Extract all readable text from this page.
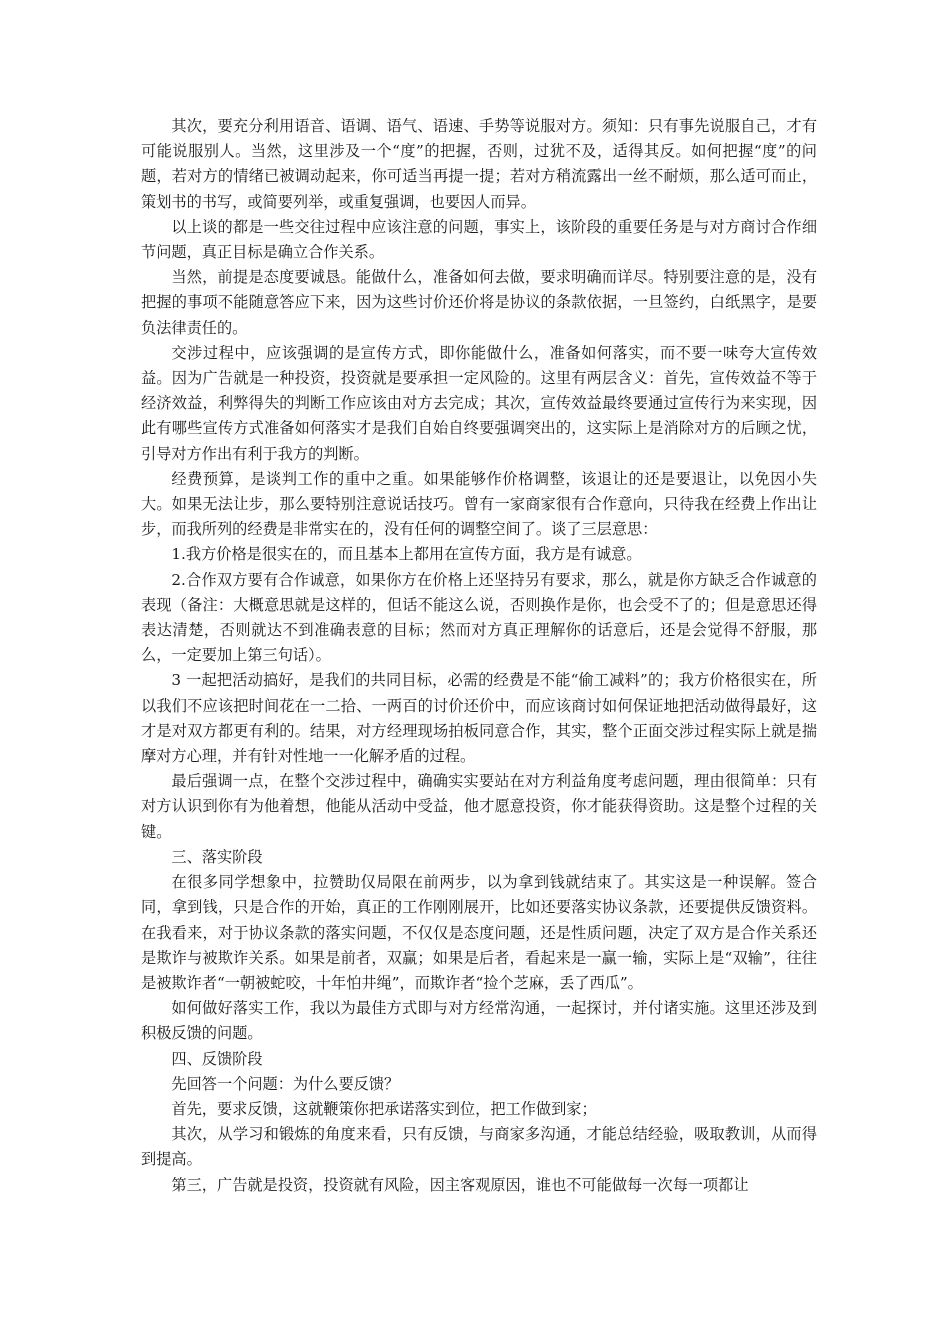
其次，要充分利用语音、语调、语气、语速、手势等说服对方。须知：只有事先说服自己，才有可能说服别人。当然，这里涉及一个“度”的把握，否则，过犹不及，适得其反。如何把握“度”的问题，若对方的情绪已被调动起来，你可适当再提一提；若对方稍流露出一丝不耐烦，那么适可而止，策划书的书写，或简要列举，或重复强调，也要因人而异。

以上谈的都是一些交往过程中应该注意的问题，事实上，该阶段的重要任务是与对方商讨合作细节问题，真正目标是确立合作关系。

当然，前提是态度要诚恳。能做什么，准备如何去做，要求明确而详尽。特别要注意的是，没有把握的事项不能随意答应下来，因为这些讨价还价将是协议的条款依据，一旦签约，白纸黑字，是要负法律责任的。

交涉过程中，应该强调的是宣传方式，即你能做什么，准备如何落实，而不要一味夸大宣传效益。因为广告就是一种投资，投资就是要承担一定风险的。这里有两层含义：首先，宣传效益不等于经济效益，利弊得失的判断工作应该由对方去完成；其次，宣传效益最终要通过宣传行为来实现，因此有哪些宣传方式准备如何落实才是我们自始自终要强调突出的，这实际上是消除对方的后顾之忧，引导对方作出有利于我方的判断。

经费预算，是谈判工作的重中之重。如果能够作价格调整，该退让的还是要退让，以免因小失大。如果无法让步，那么要特别注意说话技巧。曾有一家商家很有合作意向，只待我在经费上作出让步，而我所列的经费是非常实在的，没有任何的调整空间了。谈了三层意思：

1.我方价格是很实在的，而且基本上都用在宣传方面，我方是有诚意。

2.合作双方要有合作诚意，如果你方在价格上还坚持另有要求，那么，就是你方缺乏合作诚意的表现（备注：大概意思就是这样的，但话不能这么说，否则换作是你，也会受不了的；但是意思还得表达清楚，否则就达不到准确表意的目标；然而对方真正理解你的话意后，还是会觉得不舒服，那么，一定要加上第三句话）。

3 一起把活动搞好，是我们的共同目标，必需的经费是不能“偷工减料”的；我方价格很实在，所以我们不应该把时间花在一二拾、一两百的讨价还价中，而应该商讨如何保证地把活动做得最好，这才是对双方都更有利的。结果，对方经理现场拍板同意合作，其实，整个正面交涉过程实际上就是揣摩对方心理，并有针对性地一一化解矛盾的过程。

最后强调一点，在整个交涉过程中，确确实实要站在对方利益角度考虑问题，理由很简单：只有对方认识到你有为他着想，他能从活动中受益，他才愿意投资，你才能获得资助。这是整个过程的关键。

三、落实阶段

在很多同学想象中，拉赞助仅局限在前两步，以为拿到钱就结束了。其实这是一种误解。签合同，拿到钱，只是合作的开始，真正的工作刚刚展开，比如还要落实协议条款，还要提供反馈资料。在我看来，对于协议条款的落实问题，不仅仅是态度问题，还是性质问题，决定了双方是合作关系还是欺诈与被欺诈关系。如果是前者，双赢；如果是后者，看起来是一赢一输，实际上是“双输”，往往是被欺诈者“一朝被蛇咬，十年怕井绳”，而欺诈者“捡个芝麻，丢了西瓜”。

如何做好落实工作，我以为最佳方式即与对方经常沟通，一起探讨，并付诸实施。这里还涉及到积极反馈的问题。

四、反馈阶段

先回答一个问题：为什么要反馈？

首先，要求反馈，这就鞭策你把承诺落实到位，把工作做到家；

其次，从学习和锻炼的角度来看，只有反馈，与商家多沟通，才能总结经验，吸取教训，从而得到提高。

第三，广告就是投资，投资就有风险，因主客观原因，谁也不可能做每一次每一项都让
